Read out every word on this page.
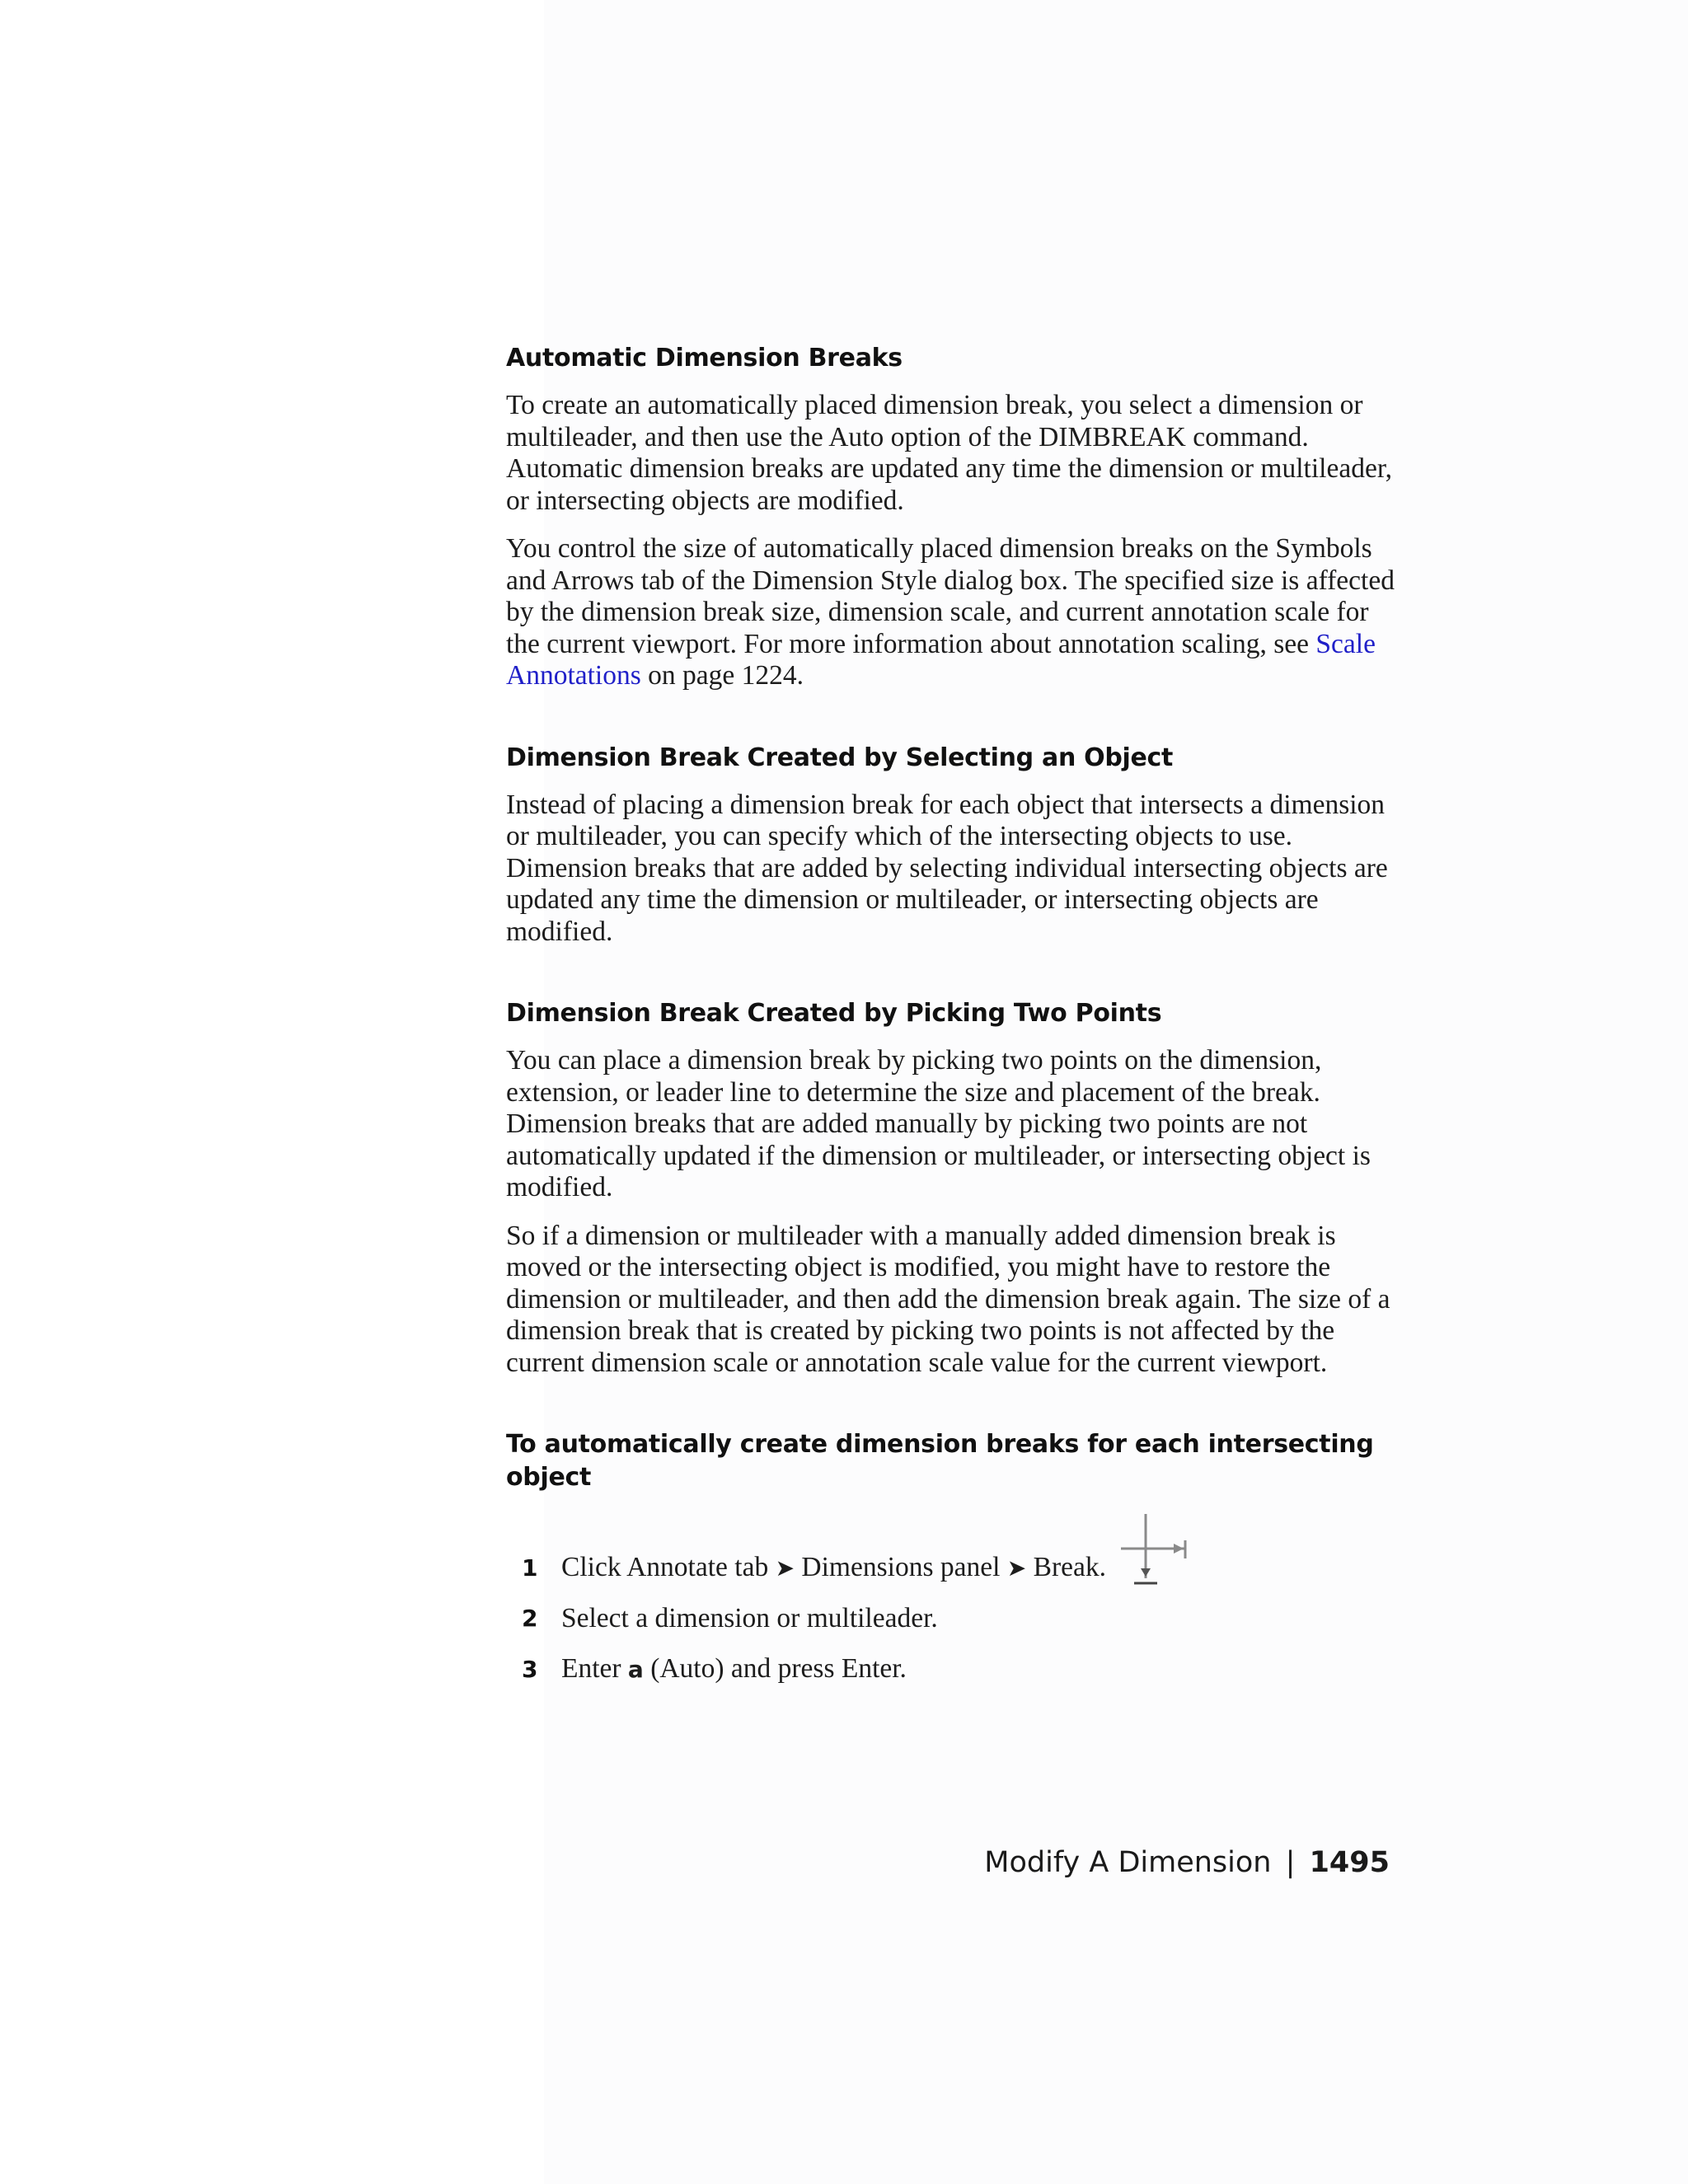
Automatic Dimension Breaks

To create an automatically placed dimension break, you select a dimension or multileader, and then use the Auto option of the DIMBREAK command. Automatic dimension breaks are updated any time the dimension or multileader, or intersecting objects are modified.

You control the size of automatically placed dimension breaks on the Symbols and Arrows tab of the Dimension Style dialog box. The specified size is affected by the dimension break size, dimension scale, and current annotation scale for the current viewport. For more information about annotation scaling, see Scale Annotations on page 1224.

Dimension Break Created by Selecting an Object

Instead of placing a dimension break for each object that intersects a dimension or multileader, you can specify which of the intersecting objects to use. Dimension breaks that are added by selecting individual intersecting objects are updated any time the dimension or multileader, or intersecting objects are modified.

Dimension Break Created by Picking Two Points

You can place a dimension break by picking two points on the dimension, extension, or leader line to determine the size and placement of the break. Dimension breaks that are added manually by picking two points are not automatically updated if the dimension or multileader, or intersecting object is modified.

So if a dimension or multileader with a manually added dimension break is moved or the intersecting object is modified, you might have to restore the dimension or multileader, and then add the dimension break again. The size of a dimension break that is created by picking two points is not affected by the current dimension scale or annotation scale value for the current viewport.

To automatically create dimension breaks for each intersecting object
1 Click Annotate tab ➤ Dimensions panel ➤ Break.
2 Select a dimension or multileader.
3 Enter a (Auto) and press Enter.
Modify A Dimension | 1495
